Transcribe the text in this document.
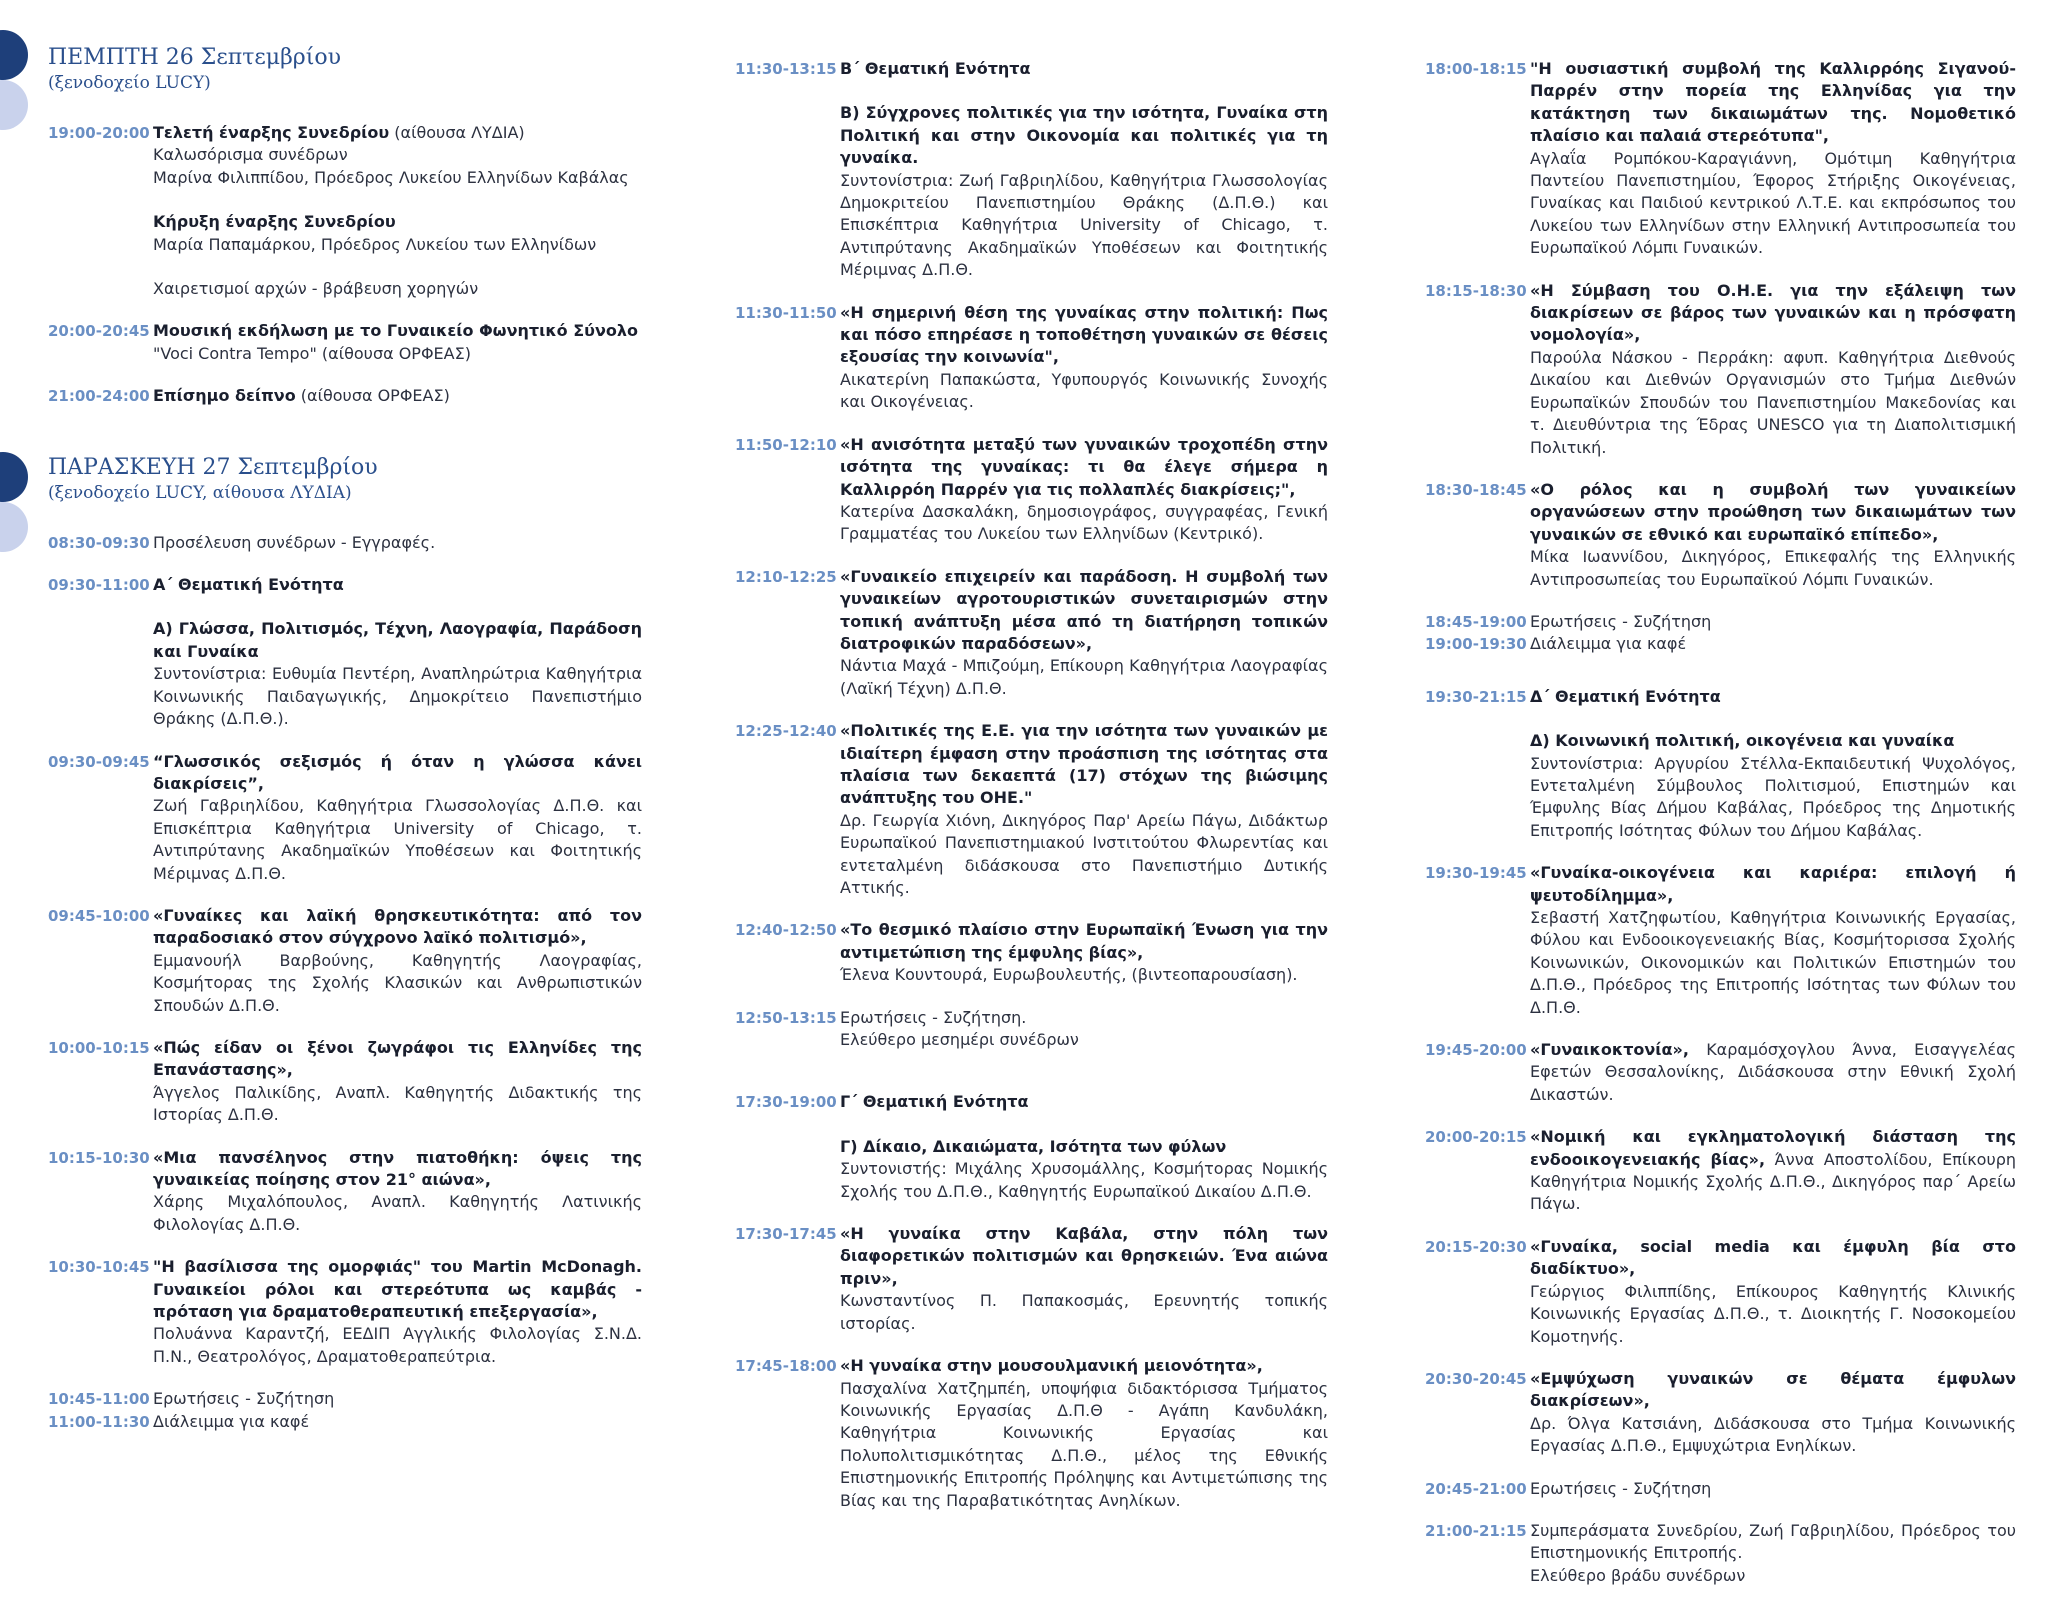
ΠΕΜΠΤΗ 26 Σεπτεμβρίου
(ξενοδοχείο LUCY)
19:00-20:00 Τελετή έναρξης Συνεδρίου (αίθουσα ΛΥΔΙΑ)
Καλωσόρισμα συνέδρων
Μαρίνα Φιλιππίδου, Πρόεδρος Λυκείου Ελληνίδων Καβάλας
Κήρυξη έναρξης Συνεδρίου
Μαρία Παπαμάρκου, Πρόεδρος Λυκείου των Ελληνίδων
Χαιρετισμοί αρχών - βράβευση χορηγών
20:00-20:45 Μουσική εκδήλωση με το Γυναικείο Φωνητικό Σύνολο
"Voci Contra Tempo" (αίθουσα ΟΡΦΕΑΣ)
21:00-24:00 Επίσημο δείπνο (αίθουσα ΟΡΦΕΑΣ)
ΠΑΡΑΣΚΕΥΗ 27 Σεπτεμβρίου
(ξενοδοχείο LUCY, αίθουσα ΛΥΔΙΑ)
08:30-09:30 Προσέλευση συνέδρων - Εγγραφές.
09:30-11:00 Α΄ Θεματική Ενότητα
Α) Γλώσσα, Πολιτισμός, Τέχνη, Λαογραφία, Παράδοση και Γυναίκα
Συντονίστρια: Ευθυμία Πεντέρη, Αναπληρώτρια Καθηγήτρια Κοινωνικής Παιδαγωγικής, Δημοκρίτειο Πανεπιστήμιο Θράκης (Δ.Π.Θ.).
09:30-09:45 “Γλωσσικός σεξισμός ή όταν η γλώσσα κάνει διακρίσεις”,
Ζωή Γαβριηλίδου, Καθηγήτρια Γλωσσολογίας Δ.Π.Θ. και Επισκέπτρια Καθηγήτρια University of Chicago, τ. Αντιπρύτανης Ακαδημαϊκών Υποθέσεων και Φοιτητικής Μέριμνας Δ.Π.Θ.
09:45-10:00 «Γυναίκες και λαϊκή θρησκευτικότητα: από τον παραδοσιακό στον σύγχρονο λαϊκό πολιτισμό»,
Εμμανουήλ Βαρβούνης, Καθηγητής Λαογραφίας, Κοσμήτορας της Σχολής Κλασικών και Ανθρωπιστικών Σπουδών Δ.Π.Θ.
10:00-10:15 «Πώς είδαν οι ξένοι ζωγράφοι τις Ελληνίδες της Επανάστασης»,
Άγγελος Παλικίδης, Αναπλ. Καθηγητής Διδακτικής της Ιστορίας Δ.Π.Θ.
10:15-10:30 «Μια πανσέληνος στην πιατοθήκη: όψεις της γυναικείας ποίησης στον 21° αιώνα»,
Χάρης Μιχαλόπουλος, Αναπλ. Καθηγητής Λατινικής Φιλολογίας Δ.Π.Θ.
10:30-10:45 "Η βασίλισσα της ομορφιάς" του Martin McDonagh. Γυναικείοι ρόλοι και στερεότυπα ως καμβάς - πρόταση για δραματοθεραπευτική επεξεργασία»,
Πολυάννα Καραντζή, ΕΕΔΙΠ Αγγλικής Φιλολογίας Σ.Ν.Δ. Π.Ν., Θεατρολόγος, Δραματοθεραπεύτρια.
10:45-11:00 Ερωτήσεις - Συζήτηση
11:00-11:30 Διάλειμμα για καφέ
11:30-13:15 Β΄ Θεματική Ενότητα
Β) Σύγχρονες πολιτικές για την ισότητα, Γυναίκα στη Πολιτική και στην Οικονομία και πολιτικές για τη γυναίκα.
Συντονίστρια: Ζωή Γαβριηλίδου, Καθηγήτρια Γλωσσολογίας Δημοκριτείου Πανεπιστημίου Θράκης (Δ.Π.Θ.) και Επισκέπτρια Καθηγήτρια University of Chicago, τ. Αντιπρύτανης Ακαδημαϊκών Υποθέσεων και Φοιτητικής Μέριμνας Δ.Π.Θ.
11:30-11:50 «Η σημερινή θέση της γυναίκας στην πολιτική: Πως και πόσο επηρέασε η τοποθέτηση γυναικών σε θέσεις εξουσίας την κοινωνία",
Αικατερίνη Παπακώστα, Υφυπουργός Κοινωνικής Συνοχής και Οικογένειας.
11:50-12:10 «Η ανισότητα μεταξύ των γυναικών τροχοπέδη στην ισότητα της γυναίκας: τι θα έλεγε σήμερα η Καλλιρρόη Παρρέν για τις πολλαπλές διακρίσεις;",
Κατερίνα Δασκαλάκη, δημοσιογράφος, συγγραφέας, Γενική Γραμματέας του Λυκείου των Ελληνίδων (Κεντρικό).
12:10-12:25 «Γυναικείο επιχειρείν και παράδοση. Η συμβολή των γυναικείων αγροτουριστικών συνεταιρισμών στην τοπική ανάπτυξη μέσα από τη διατήρηση τοπικών διατροφικών παραδόσεων»,
Νάντια Μαχά - Μπιζούμη, Επίκουρη Καθηγήτρια Λαογραφίας (Λαϊκή Τέχνη) Δ.Π.Θ.
12:25-12:40 «Πολιτικές της Ε.Ε. για την ισότητα των γυναικών με ιδιαίτερη έμφαση στην προάσπιση της ισότητας στα πλαίσια των δεκαεπτά (17) στόχων της βιώσιμης ανάπτυξης του ΟΗΕ."
Δρ. Γεωργία Χιόνη, Δικηγόρος Παρ' Αρείω Πάγω, Διδάκτωρ Ευρωπαϊκού Πανεπιστημιακού Ινστιτούτου Φλωρεντίας και εντεταλμένη διδάσκουσα στο Πανεπιστήμιο Δυτικής Αττικής.
12:40-12:50 «Το θεσμικό πλαίσιο στην Ευρωπαϊκή Ένωση για την αντιμετώπιση της έμφυλης βίας»,
Έλενα Κουντουρά, Ευρωβουλευτής, (βιντεοπαρουσίαση).
12:50-13:15 Ερωτήσεις - Συζήτηση.
Ελεύθερο μεσημέρι συνέδρων
17:30-19:00 Γ΄ Θεματική Ενότητα
Γ) Δίκαιο, Δικαιώματα, Ισότητα των φύλων
Συντονιστής: Μιχάλης Χρυσομάλλης, Κοσμήτορας Νομικής Σχολής του Δ.Π.Θ., Καθηγητής Ευρωπαϊκού Δικαίου Δ.Π.Θ.
17:30-17:45 «Η γυναίκα στην Καβάλα, στην πόλη των διαφορετικών πολιτισμών και θρησκειών. Ένα αιώνα πριν»,
Κωνσταντίνος Π. Παπακοσμάς, Ερευνητής τοπικής ιστορίας.
17:45-18:00 «Η γυναίκα στην μουσουλμανική μειονότητα»,
Πασχαλίνα Χατζημπέη, υποψήφια διδακτόρισσα Τμήματος Κοινωνικής Εργασίας Δ.Π.Θ - Αγάπη Κανδυλάκη, Καθηγήτρια Κοινωνικής Εργασίας και Πολυπολιτισμικότητας Δ.Π.Θ., μέλος της Εθνικής Επιστημονικής Επιτροπής Πρόληψης και Αντιμετώπισης της Βίας και της Παραβατικότητας Ανηλίκων.
18:00-18:15 "Η ουσιαστική συμβολή της Καλλιρρόης Σιγανού-Παρρέν στην πορεία της Ελληνίδας για την κατάκτηση των δικαιωμάτων της. Νομοθετικό πλαίσιο και παλαιά στερεότυπα",
Αγλαΐα Ρομπόκου-Καραγιάννη, Ομότιμη Καθηγήτρια Παντείου Πανεπιστημίου, Έφορος Στήριξης Οικογένειας, Γυναίκας και Παιδιού κεντρικού Λ.Τ.Ε. και εκπρόσωπος του Λυκείου των Ελληνίδων στην Ελληνική Αντιπροσωπεία του Ευρωπαϊκού Λόμπι Γυναικών.
18:15-18:30 «Η Σύμβαση του Ο.Η.Ε. για την εξάλειψη των διακρίσεων σε βάρος των γυναικών και η πρόσφατη νομολογία»,
Παρούλα Νάσκου - Περράκη: αφυπ. Καθηγήτρια Διεθνούς Δικαίου και Διεθνών Οργανισμών στο Τμήμα Διεθνών Ευρωπαϊκών Σπουδών του Πανεπιστημίου Μακεδονίας και τ. Διευθύντρια της Έδρας UNESCO για τη Διαπολιτισμική Πολιτική.
18:30-18:45 «Ο ρόλος και η συμβολή των γυναικείων οργανώσεων στην προώθηση των δικαιωμάτων των γυναικών σε εθνικό και ευρωπαϊκό επίπεδο»,
Μίκα Ιωαννίδου, Δικηγόρος, Επικεφαλής της Ελληνικής Αντιπροσωπείας του Ευρωπαϊκού Λόμπι Γυναικών.
18:45-19:00 Ερωτήσεις - Συζήτηση
19:00-19:30 Διάλειμμα για καφέ
19:30-21:15 Δ΄ Θεματική Ενότητα
Δ) Κοινωνική πολιτική, οικογένεια και γυναίκα
Συντονίστρια: Αργυρίου Στέλλα-Εκπαιδευτική Ψυχολόγος, Εντεταλμένη Σύμβουλος Πολιτισμού, Επιστημών και Έμφυλης Βίας Δήμου Καβάλας, Πρόεδρος της Δημοτικής Επιτροπής Ισότητας Φύλων του Δήμου Καβάλας.
19:30-19:45 «Γυναίκα-οικογένεια και καριέρα: επιλογή ή ψευτοδίλημμα»,
Σεβαστή Χατζηφωτίου, Καθηγήτρια Κοινωνικής Εργασίας, Φύλου και Ενδοοικογενειακής Βίας, Κοσμήτορισσα Σχολής Κοινωνικών, Οικονομικών και Πολιτικών Επιστημών του Δ.Π.Θ., Πρόεδρος της Επιτροπής Ισότητας των Φύλων του Δ.Π.Θ.
19:45-20:00 «Γυναικοκτονία», Καραμόσχογλου Άννα, Εισαγγελέας Εφετών Θεσσαλονίκης, Διδάσκουσα στην Εθνική Σχολή Δικαστών.
20:00-20:15 «Νομική και εγκληματολογική διάσταση της ενδοοικογενειακής βίας», Άννα Αποστολίδου, Επίκουρη Καθηγήτρια Νομικής Σχολής Δ.Π.Θ., Δικηγόρος παρ΄ Αρείω Πάγω.
20:15-20:30 «Γυναίκα, social media και έμφυλη βία στο διαδίκτυο»,
Γεώργιος Φιλιππίδης, Επίκουρος Καθηγητής Κλινικής Κοινωνικής Εργασίας Δ.Π.Θ., τ. Διοικητής Γ. Νοσοκομείου Κομοτηνής.
20:30-20:45 «Εμψύχωση γυναικών σε θέματα έμφυλων διακρίσεων»,
Δρ. Όλγα Κατσιάνη, Διδάσκουσα στο Τμήμα Κοινωνικής Εργασίας Δ.Π.Θ., Εμψυχώτρια Ενηλίκων.
20:45-21:00 Ερωτήσεις - Συζήτηση
21:00-21:15 Συμπεράσματα Συνεδρίου, Ζωή Γαβριηλίδου, Πρόεδρος του Επιστημονικής Επιτροπής.
Ελεύθερο βράδυ συνέδρων
